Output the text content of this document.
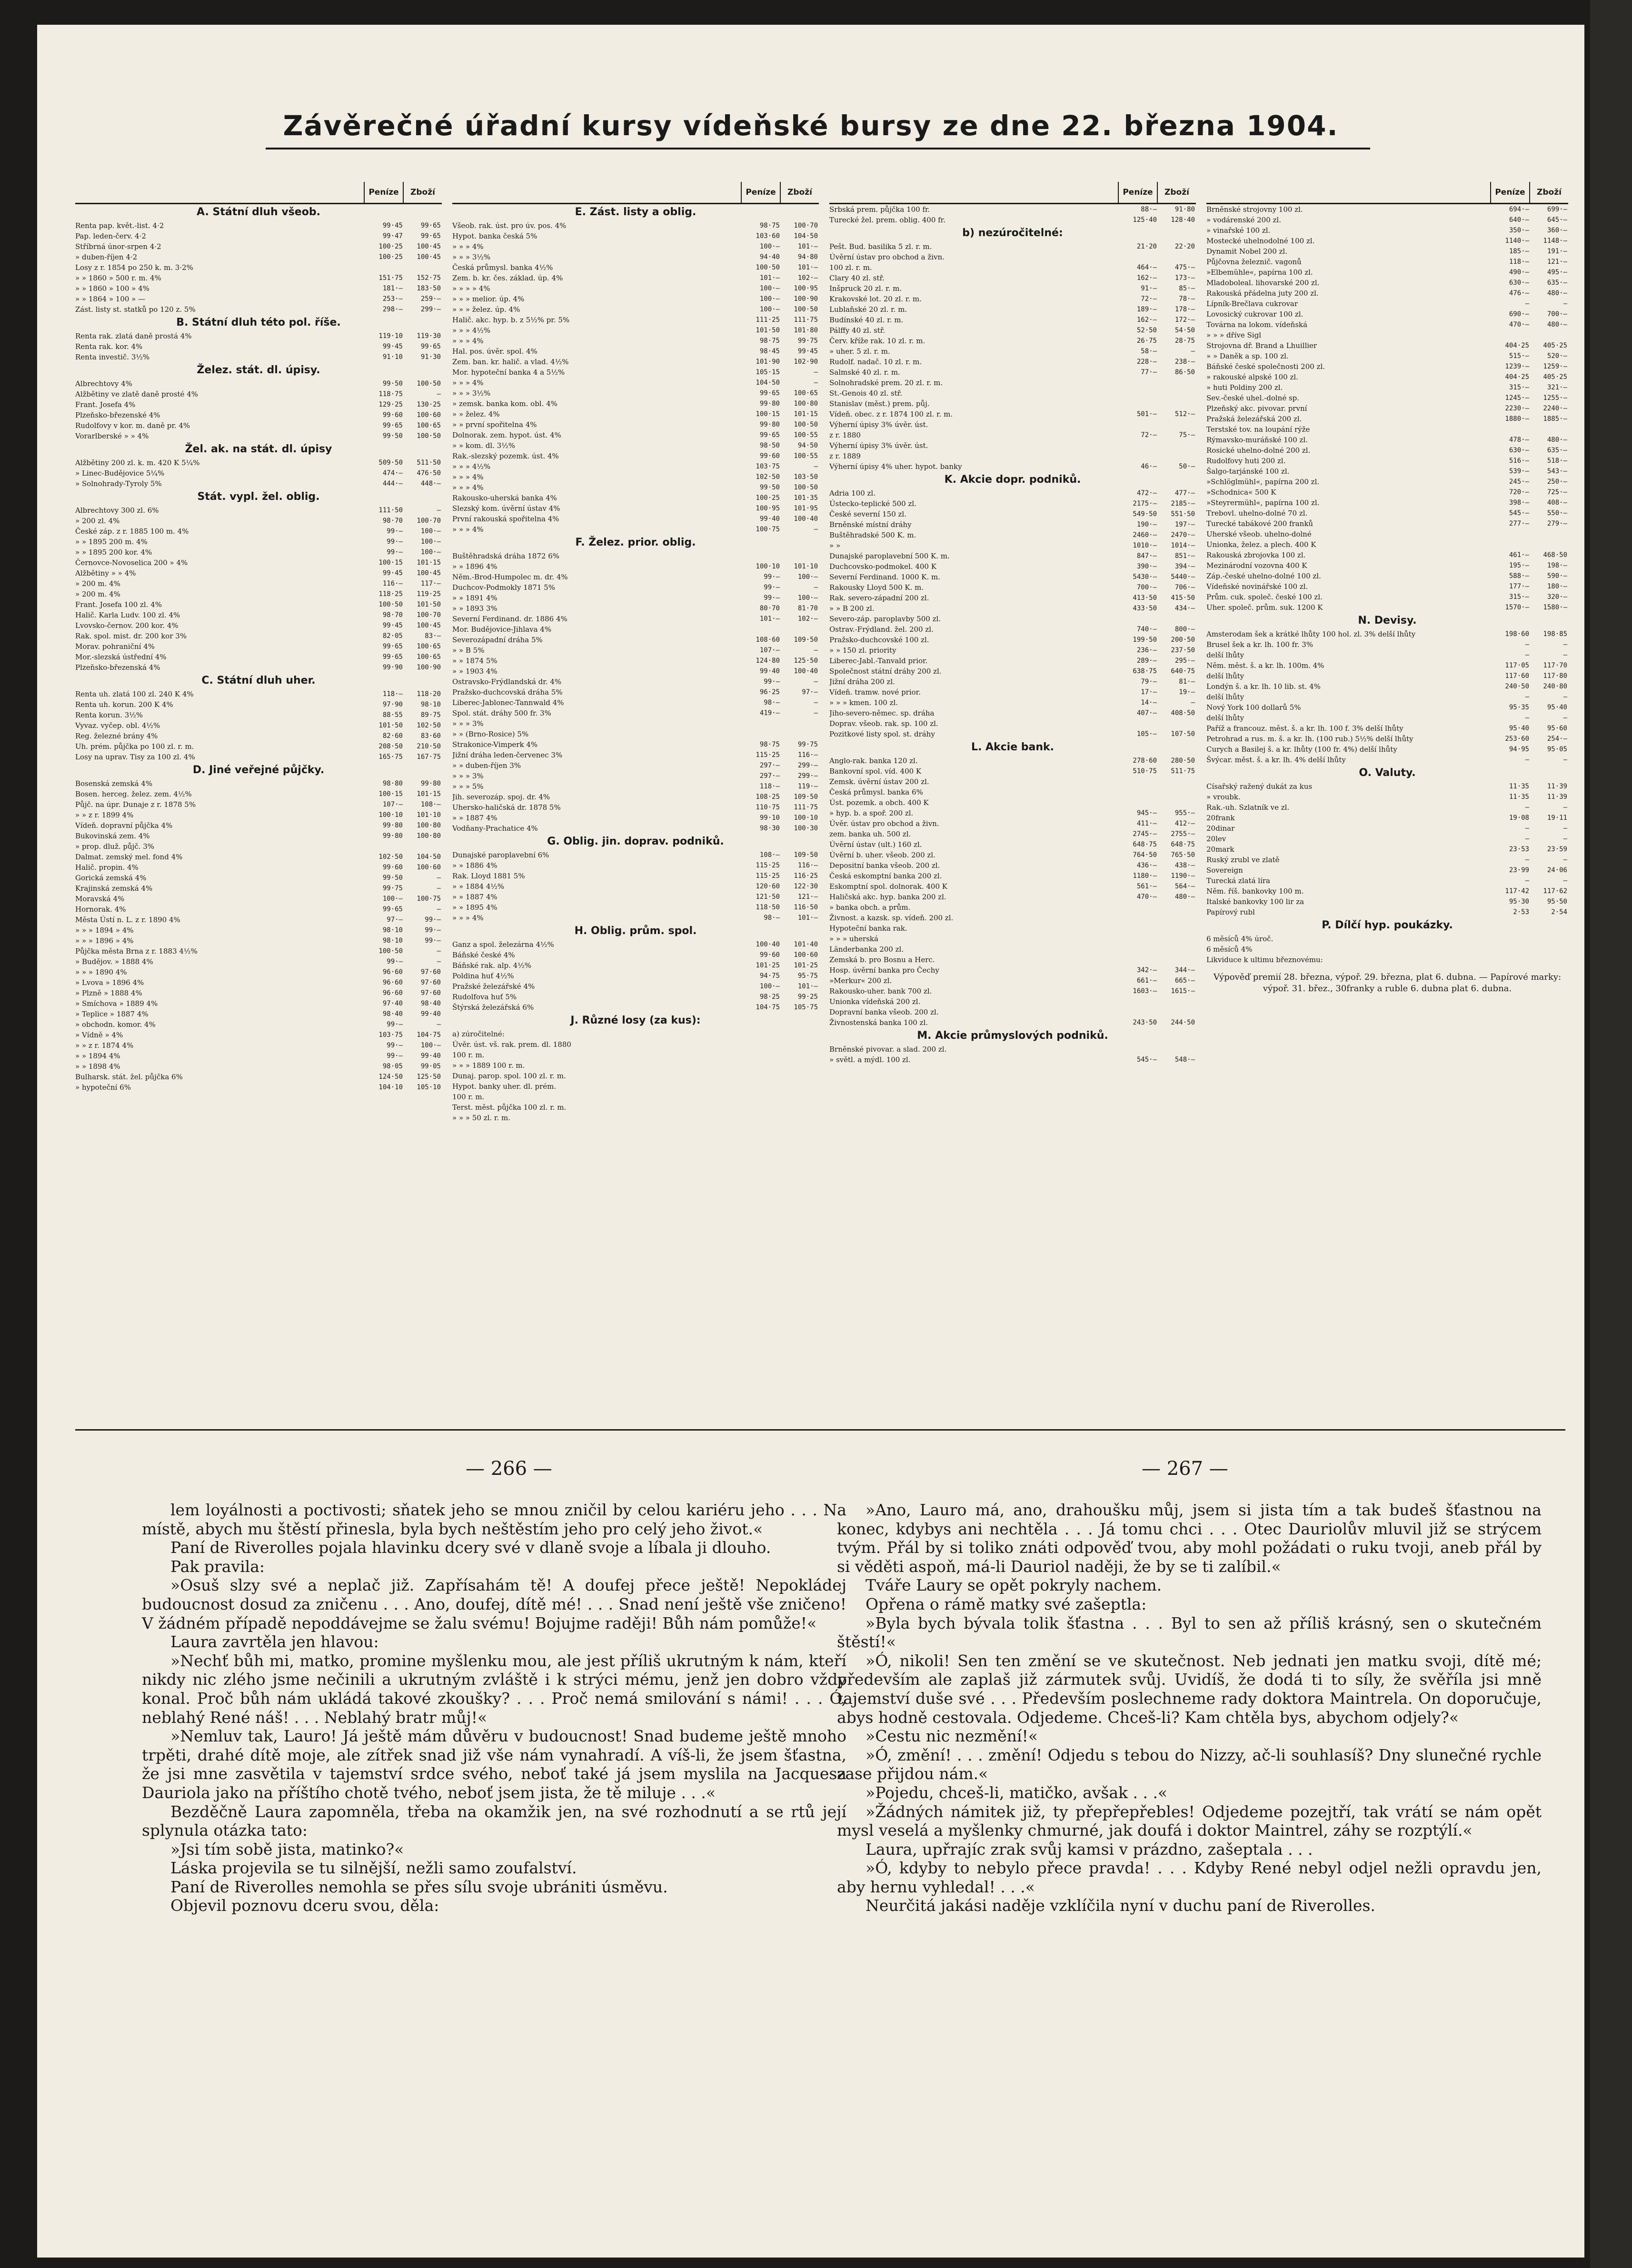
Závěrečné úřadní kursy vídeňské bursy ze dne 22. března 1904.
Peníze	Zboží
A. Státní dluh všeob.
Renta pap. květ.-list. 4·2	99·45	99·65
Pap. leden-červ. 4·2	99·47	99·65
Stříbrná únor-srpen 4·2	100·25	100·45
» duben-říjen 4·2	100·25	100·45
Losy z r. 1854 po 250 k. m. 3·2%
» » 1860 » 500 r. m. 4%	151·75	152·75
» » 1860 » 100 » 4%	181·—	183·50
» » 1864 » 100 » —	253·—	259·—
Zást. listy st. statků po 120 z. 5%	298·—	299·—
B. Státní dluh této pol. říše.
Renta rak. zlatá daně prostá 4%	119·10	119·30
Renta rak. kor. 4%	99·45	99·65
Renta investič. 3½%	91·10	91·30
Želez. stát. dl. úpisy.
Albrechtovy 4%	99·50	100·50
Alžbětiny ve zlatě daně prosté 4%	118·75	—
Frant. Josefa 4%	129·25	130·25
Plzeňsko-březenské 4%	99·60	100·60
Rudolfovy v kor. m. daně pr. 4%	99·65	100·65
Vorarlberské » » 4%	99·50	100·50
Žel. ak. na stát. dl. úpisy
Alžbětiny 200 zl. k. m. 420 K 5¼%	509·50	511·50
» Linec-Budějovice 5¼%	474·—	476·50
» Solnohrady-Tyroly 5%	444·—	448·—
Stát. vypl. žel. oblig.
Albrechtovy 300 zl. 6%	111·50	—
» 200 zl. 4%	98·70	100·70
České záp. z r. 1885 100 m. 4%	99·—	100·—
» » 1895 200 m. 4%	99·—	100·—
» » 1895 200 kor. 4%	99·—	100·—
Černovce-Novoselica 200 » 4%	100·15	101·15
Alžbětiny » » 4%	99·45	100·45
» 200 m. 4%	116·—	117·—
» 200 m. 4%	118·25	119·25
Frant. Josefa 100 zl. 4%	100·50	101·50
Halič. Karla Ludv. 100 zl. 4%	98·70	100·70
Lvovsko-černov. 200 kor. 4%	99·45	100·45
Rak. spol. mist. dr. 200 kor 3%	82·05	83·—
Morav. pohraniční 4%	99·65	100·65
Mor.-slezská ústřední 4%	99·65	100·65
Plzeňsko-březenská 4%	99·90	100·90
C. Státní dluh uher.
Renta uh. zlatá 100 zl. 240 K 4%	118·—	118·20
Renta uh. korun. 200 K 4%	97·90	98·10
Renta korun. 3½%	88·55	89·75
Vyvaz. vyčep. obl. 4½%	101·50	102·50
Reg. železné brány 4%	82·60	83·60
Uh. prém. půjčka po 100 zl. r. m.	208·50	210·50
Losy na uprav. Tisy za 100 zl. 4%	165·75	167·75
D. Jiné veřejné půjčky.
Bosenská zemská 4%	98·80	99·80
Bosen. herceg. želez. zem. 4½%	100·15	101·15
Půjč. na úpr. Dunaje z r. 1878 5%	107·—	108·—
» » z r. 1899 4%	100·10	101·10
Vídeň. dopravní půjčka 4%	99·80	100·80
Bukovinská zem. 4%	99·80	100·80
» prop. dluž. půjč. 3%
Dalmat. zemský mel. fond 4%	102·50	104·50
Halič. propin. 4%	99·60	100·60
Gorická zemská 4%	99·50	—
Krajinská zemská 4%	99·75	—
Moravská 4%	100·—	100·75
Hornorak. 4%	99·65	—
Města Ústí n. L. z r. 1890 4%	97·—	99·—
» » » 1894 » 4%	98·10	99·—
» » » 1896 » 4%	98·10	99·—
Půjčka města Brna z r. 1883 4½%	100·50	—
» Budějov. » 1888 4%	99·—	—
» » » 1890 4%	96·60	97·60
» Lvova » 1896 4%	96·60	97·60
» Plzně » 1888 4%	96·60	97·60
» Smíchova » 1889 4%	97·40	98·40
» Teplice » 1887 4%	98·40	99·40
» obchodn. komor. 4%	99·—	—
» Vídně » 4%	103·75	104·75
» » z r. 1874 4%	99·—	100·—
» » 1894 4%	99·—	99·40
» » 1898 4%	98·05	99·05
Bulharsk. stát. žel. půjčka 6%	124·50	125·50
» hypoteční 6%	104·10	105·10
Peníze	Zboží
E. Zást. listy a oblig.
Všeob. rak. úst. pro úv. pos. 4%	98·75	100·70
Hypot. banka česká 5%	103·60	104·50
» » » 4%	100·—	101·—
» » » 3½%	94·40	94·80
Česká průmysl. banka 4½%	100·50	101·—
Zem. b. kr. čes. základ. úp. 4%	101·—	102·—
» » » » 4%	100·—	100·95
» » » melior. úp. 4%	100·—	100·90
» » » želez. úp. 4%	100·—	100·50
Halič. akc. hyp. b. z 5½% pr. 5%	111·25	111·75
» » » 4½%	101·50	101·80
» » » 4%	98·75	99·75
Hal. pos. úvěr. spol. 4%	98·45	99·45
Zem. ban. kr. halič. a vlad. 4½%	101·90	102·90
Mor. hypoteční banka 4 a 5½%	105·15	—
» » » 4%	104·50	—
» » » 3½%	99·65	100·65
» zemsk. banka kom. obl. 4%	99·80	100·80
» » želez. 4%	100·15	101·15
» » první spořitelna 4%	99·80	100·50
Dolnorak. zem. hypot. úst. 4%	99·65	100·55
» » kom. dl. 3½%	98·50	94·50
Rak.-slezský pozemk. úst. 4%	99·60	100·55
» » » 4½%	103·75	—
» » » 4%	102·50	103·50
» » » 4%	99·50	100·50
Rakousko-uherská banka 4%	100·25	101·35
Slezský kom. úvěrní ústav 4%	100·95	101·95
První rakouská spořitelna 4%	99·40	100·40
» » » 4%	100·75	—
F. Želez. prior. oblig.
Buštěhradská dráha 1872 6%
» » 1896 4%	100·10	101·10
Něm.-Brod-Humpolec m. dr. 4%	99·—	100·—
Duchcov-Podmokly 1871 5%	99·—	—
» » 1891 4%	99·—	100·—
» » 1893 3%	80·70	81·70
Severní Ferdinand. dr. 1886 4%	101·—	102·—
Mor. Budějovice-Jihlava 4%
Severozápadní dráha 5%	108·60	109·50
» » B 5%	107·—	—
» » 1874 5%	124·80	125·50
» » 1903 4%	99·40	100·40
Ostravsko-Frýdlandská dr. 4%	99·—	—
Pražsko-duchcovská dráha 5%	96·25	97·—
Liberec-Jablonec-Tannwald 4%	98·—	—
Spol. stát. dráhy 500 fr. 3%	419·—	—
» » » 3%
» » (Brno-Rosice) 5%
Strakonice-Vimperk 4%	98·75	99·75
Jižní dráha leden-červenec 3%	115·25	116·—
» » duben-říjen 3%	297·—	299·—
» » » 3%	297·—	299·—
» » » 5%	118·—	119·—
Jih. severozáp. spoj. dr. 4%	108·25	109·50
Uhersko-haličská dr. 1878 5%	110·75	111·75
» » 1887 4%	99·10	100·10
Vodňany-Prachatice 4%	98·30	100·30
G. Oblig. jin. doprav. podniků.
Dunajské paroplavební 6%	108·—	109·50
» » 1886 4%	115·25	116·—
Rak. Lloyd 1881 5%	115·25	116·25
» » 1884 4½%	120·60	122·30
» » 1887 4%	121·50	121·—
» » 1895 4%	118·50	116·50
» » » 4%	98·—	101·—
H. Oblig. prům. spol.
Ganz a spol. železárna 4½%	100·40	101·40
Báňské české 4%	99·60	100·60
Báňské rak. alp. 4½%	101·25	101·25
Poldina huť 4½%	94·75	95·75
Pražské železářské 4%	100·—	101·—
Rudolfova huť 5%	98·25	99·25
Štýrská železářská 6%	104·75	105·75
J. Různé losy (za kus):
a) zúročitelné:
Úvěr. úst. vš. rak. prem. dl. 1880
100 r. m.
» » » 1889 100 r. m.
Dunaj. parop. spol. 100 zl. r. m.
Hypot. banky uher. dl. prém.
100 r. m.
Terst. měst. půjčka 100 zl. r. m.
» » » 50 zl. r. m.
Peníze	Zboží
Srbská prem. půjčka 100 fr.	88·—	91·80
Turecké žel. prem. oblig. 400 fr.	125·40	128·40
b) nezúročitelné:
Pešt. Bud. basilika 5 zl. r. m.	21·20	22·20
Úvěrní ústav pro obchod a živn.
100 zl. r. m.	464·—	475·—
Clary 40 zl. stř.	162·—	173·—
Inšpruck 20 zl. r. m.	91·—	85·—
Krakovské lot. 20 zl. r. m.	72·—	78·—
Lublaňské 20 zl. r. m.	189·—	178·—
Budínské 40 zl. r. m.	162·—	172·—
Pálffy 40 zl. stř.	52·50	54·50
Červ. kříže rak. 10 zl. r. m.	26·75	28·75
» uher. 5 zl. r. m.	58·—	—
Rudolf. nadač. 10 zl. r. m.	228·—	238·—
Salmské 40 zl. r. m.	77·—	86·50
Solnohradské prem. 20 zl. r. m.
St.-Genois 40 zl. stř.
Stanislav (měst.) prem. půj.
Vídeň. obec. z r. 1874 100 zl. r. m.	501·—	512·—
Výherní úpisy 3% úvěr. úst.
z r. 1880	72·—	75·—
Výherní úpisy 3% úvěr. úst.
z r. 1889
Výherní úpisy 4% uher. hypot. banky	46·—	50·—
K. Akcie dopr. podniků.
Adria 100 zl.	472·—	477·—
Ústecko-teplické 500 zl.	2175·—	2185·—
České severní 150 zl.	549·50	551·50
Brněnské místní dráhy	190·—	197·—
Buštěhradské 500 K. m.	2460·—	2470·—
» »	1010·—	1014·—
Dunajské paroplavební 500 K. m.	847·—	851·—
Duchcovsko-podmokel. 400 K	390·—	394·—
Severní Ferdinand. 1000 K. m.	5430·—	5440·—
Rakousky Lloyd 500 K. m.	700·—	706·—
Rak. severo-západní 200 zl.	413·50	415·50
» » B 200 zl.	433·50	434·—
Severo-záp. paroplavby 500 zl.
Ostrav.-Frýdland. žel. 200 zl.	740·—	800·—
Pražsko-duchcovské 100 zl.	199·50	200·50
» » 150 zl. priority	236·—	237·50
Liberec-Jabl.-Tanvald prior.	289·—	295·—
Společnost státní dráhy 200 zl.	638·75	640·75
Jižní dráha 200 zl.	79·—	81·—
Vídeň. tramw. nové prior.	17·—	19·—
» » » kmen. 100 zl.	14·—	—
Jiho-severo-němec. sp. dráha	407·—	408·50
Doprav. všeob. rak. sp. 100 zl.
Pozitkové listy spol. st. dráhy	105·—	107·50
L. Akcie bank.
Anglo-rak. banka 120 zl.	278·60	280·50
Bankovní spol. víd. 400 K	510·75	511·75
Zemsk. úvěrní ústav 200 zl.
Česká průmysl. banka 6%
Úst. pozemk. a obch. 400 K
» hyp. b. a spoř. 200 zl.	945·—	955·—
Úvěr. ústav pro obchod a živn.	411·—	412·—
zem. banka uh. 500 zl.	2745·—	2755·—
Úvěrní ústav (ult.) 160 zl.	648·75	648·75
Úvěrní b. uher. všeob. 200 zl.	764·50	765·50
Depositní banka všeob. 200 zl.	436·—	438·—
Česká eskomptní banka 200 zl.	1180·—	1190·—
Eskomptní spol. dolnorak. 400 K	561·—	564·—
Haličská akc. hyp. banka 200 zl.	470·—	480·—
» banka obch. a prům.
Živnost. a kazsk. sp. vídeň. 200 zl.
Hypoteční banka rak.
» » » uherská
Länderbanka 200 zl.
Zemská b. pro Bosnu a Herc.
Hosp. úvěrní banka pro Čechy	342·—	344·—
»Merkur« 200 zl.	661·—	665·—
Rakousko-uher. bank 700 zl.	1603·—	1615·—
Unionka vídeňská 200 zl.
Dopravní banka všeob. 200 zl.
Živnostenská banka 100 zl.	243·50	244·50
M. Akcie průmyslových podniků.
Brněnské pivovar. a slad. 200 zl.
» světl. a mýdl. 100 zl.	545·—	548·—
Peníze	Zboží
Brněnské strojovny 100 zl.	694·—	699·—
» vodárenské 200 zl.	640·—	645·—
» vinařské 100 zl.	350·—	360·—
Mostecké uhelnodolné 100 zl.	1140·—	1148·—
Dynamit Nobel 200 zl.	185·—	191·—
Půjčovna železnič. vagonů	118·—	121·—
»Elbemühle«, papírna 100 zl.	490·—	495·—
Mladoboleal. lihovarské 200 zl.	630·—	635·—
Rakouská přádelna juty 200 zl.	476·—	480·—
Lípník-Brečlava cukrovar	—	—
Lovosický cukrovar 100 zl.	690·—	700·—
Továrna na lokom. vídeňská	470·—	480·—
» » » dříve Sigl
Strojovna dř. Brand a Lhuillier	404·25	405·25
» » Daněk a sp. 100 zl.	515·—	520·—
Báňské české společnosti 200 zl.	1239·—	1259·—
» rakouské alpské 100 zl.	404·25	405·25
» huti Poldiny 200 zl.	315·—	321·—
Sev.-české uhel.-dolné sp.	1245·—	1255·—
Plzeňský akc. pivovar. první	2230·—	2240·—
Pražská železářská 200 zl.	1880·—	1885·—
Terstské tov. na loupání rýže
Rýmavsko-muráňské 100 zl.	478·—	480·—
Rosické uhelno-dolné 200 zl.	630·—	635·—
Rudolfovy huti 200 zl.	516·—	518·—
Šalgo-tarjánské 100 zl.	539·—	543·—
»Schlöglmühl«, papírna 200 zl.	245·—	250·—
»Schodnica« 500 K	720·—	725·—
»Steyrermühl«, papírna 100 zl.	398·—	408·—
Trebovl. uhelno-dolné 70 zl.	545·—	550·—
Turecké tabákové 200 franků	277·—	279·—
Uherské všeob. uhelno-dolné
Unionka, želez. a plech. 400 K
Rakouská zbrojovka 100 zl.	461·—	468·50
Mezinárodní vozovna 400 K	195·—	198·—
Záp.-české uhelno-dolné 100 zl.	588·—	590·—
Vídeňské novinářské 100 zl.	177·—	180·—
Prům. cuk. společ. české 100 zl.	315·—	320·—
Uher. společ. prům. suk. 1200 K	1570·—	1580·—
N. Devisy.
Amsterodam šek a krátké lhůty 100 hol. zl. 3% delší lhůty	198·60	198·85
Brusel šek a kr. lh. 100 fr. 3%	—	—
delší lhůty	—	—
Něm. měst. š. a kr. lh. 100m. 4%	117·05	117·70
delší lhůty	117·60	117·80
Londýn š. a kr. lh. 10 lib. st. 4%	240·50	240·80
delší lhůty	—	—
Nový York 100 dollarů 5%	95·35	95·40
delší lhůty	—	—
Paříž a francouz. měst. š. a kr. lh. 100 f. 3% delší lhůty	95·40	95·60
Petrohrad a rus. m. š. a kr. lh. (100 rub.) 5½% delší lhůty	253·60	254·—
Curych a Basilej š. a kr. lhůty (100 fr. 4%) delší lhůty	94·95	95·05
Švýcar. měst. š. a kr. lh. 4% delší lhůty	—	—
O. Valuty.
Císařský ražený dukát za kus	11·35	11·39
» vroubk.	11·35	11·39
Rak.-uh. Szlatník ve zl.	—	—
20frank	19·08	19·11
20dinar	—	—
20lev	—	—
20mark	23·53	23·59
Ruský zrubl ve zlatě	—	—
Sovereign	23·99	24·06
Turecká zlatá líra	—	—
Něm. říš. bankovky 100 m.	117·42	117·62
Italské bankovky 100 lir za	95·30	95·50
Papírový rubl	2·53	2·54
P. Dílčí hyp. poukázky.
6 měsíců 4% úroč.
6 měsíců 4%
Likviduce k ultimu březnovému:
Výpověď premií 28. března, výpoř. 29. března, plat 6. dubna. — Papírové marky: výpoř. 31. břez., 30franky a ruble 6. dubna plat 6. dubna.
— 266 —	— 267 —

lem loyálnosti a poctivosti; sňatek jeho se mnou zničil by celou kariéru jeho . . . Na místě, abych mu štěstí přinesla, byla bych neštěstím jeho pro celý jeho život.«

Paní de Riverolles pojala hlavinku dcery své v dlaně svoje a líbala ji dlouho.

Pak pravila:

»Osuš slzy své a neplač již. Zapřísahám tě! A doufej přece ještě! Nepokládej budoucnost dosud za zničenu . . . Ano, doufej, dítě mé! . . . Snad není ještě vše zničeno! V žádném případě nepoddávejme se žalu svému! Bojujme raději! Bůh nám pomůže!«

Laura zavrtěla jen hlavou:

»Nechť bůh mi, matko, promine myšlenku mou, ale jest příliš ukrutným k nám, kteří nikdy nic zlého jsme nečinili a ukrutným zvláště i k strýci mému, jenž jen dobro vždy konal. Proč bůh nám ukládá takové zkoušky? . . . Proč nemá smilování s námi! . . . Ó, neblahý René náš! . . . Neblahý bratr můj!«

»Nemluv tak, Lauro! Já ještě mám důvěru v budoucnost! Snad budeme ještě mnoho trpěti, drahé dítě moje, ale zítřek snad již vše nám vynahradí. A víš-li, že jsem šťastna, že jsi mne zasvětila v tajemství srdce svého, neboť také já jsem myslila na Jacquesa Dauriola jako na příštího chotě tvého, neboť jsem jista, že tě miluje . . .«

Bezděčně Laura zapomněla, třeba na okamžik jen, na své rozhodnutí a se rtů její splynula otázka tato:

»Jsi tím sobě jista, matinko?«

Láska projevila se tu silnější, nežli samo zoufalství.

Paní de Riverolles nemohla se přes sílu svoje ubrániti úsměvu.

Objevil poznovu dceru svou, děla:

»Ano, Lauro má, ano, drahoušku můj, jsem si jista tím a tak budeš šťastnou na konec, kdybys ani nechtěla . . . Já tomu chci . . . Otec Dauriolův mluvil již se strýcem tvým. Přál by si toliko znáti odpověď tvou, aby mohl požádati o ruku tvoji, aneb přál by si věděti aspoň, má-li Dauriol naději, že by se ti zalíbil.«

Tváře Laury se opět pokryly nachem.

Opřena o rámě matky své zašeptla:

»Byla bych bývala tolik šťastna . . . Byl to sen až příliš krásný, sen o skutečném štěstí!«

»Ó, nikoli! Sen ten změní se ve skutečnost. Neb jednati jen matku svoji, dítě mé; především ale zaplaš již zármutek svůj. Uvidíš, že dodá ti to síly, že svěříla jsi mně tajemství duše své . . . Především poslechneme rady doktora Maintrela. On doporučuje, abys hodně cestovala. Odjedeme. Chceš-li? Kam chtěla bys, abychom odjely?«

»Cestu nic nezmění!«

»Ó, změní! . . . změní! Odjedu s tebou do Nizzy, ač-li souhlasíš? Dny slunečné rychle zase přijdou nám.«

»Pojedu, chceš-li, matičko, avšak . . .«

»Žádných námitek již, ty přepřepřebles! Odjedeme pozejtří, tak vrátí se nám opět mysl veselá a myšlenky chmurné, jak doufá i doktor Maintrel, záhy se rozptýlí.«

Laura, upřrajíc zrak svůj kamsi v prázdno, zašeptala . . .

»Ó, kdyby to nebylo přece pravda! . . . Kdyby René nebyl odjel nežli opravdu jen, aby hernu vyhledal! . . .«

Neurčitá jakási naděje vzklíčila nyní v duchu paní de Riverolles.
